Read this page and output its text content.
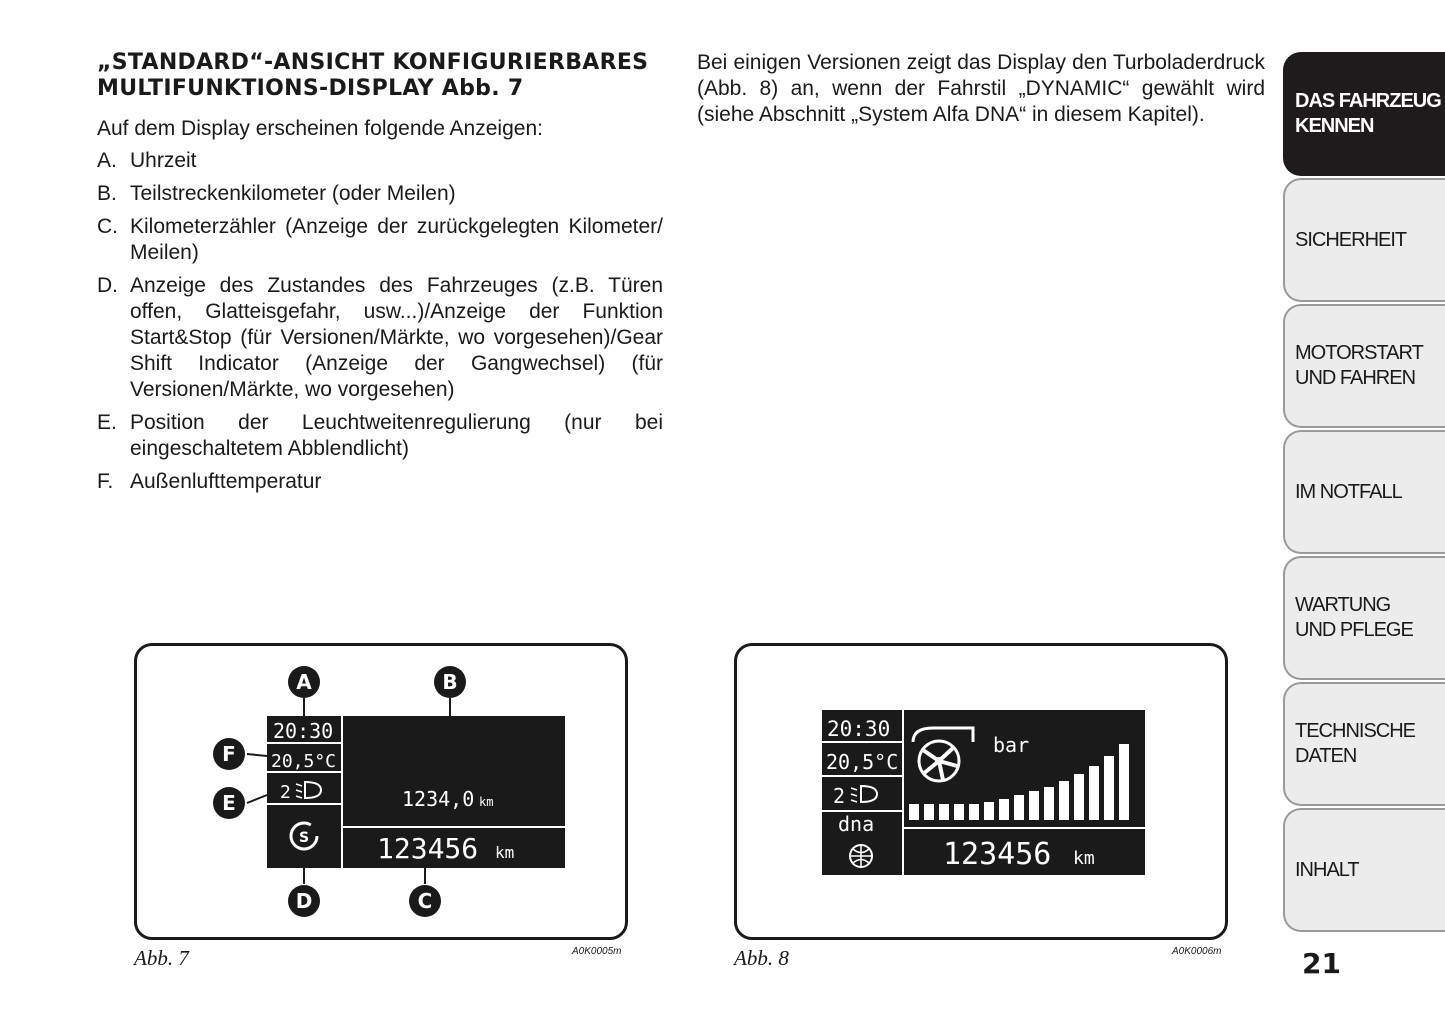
„STANDARD“-ANSICHT KONFIGURIERBARES
MULTIFUNKTIONS-DISPLAY Abb. 7

Auf dem Display erscheinen folgende Anzeigen:

A. Uhrzeit
B. Teilstreckenkilometer (oder Meilen)
C. Kilometerzähler (Anzeige der zurückgelegten Kilometer/ Meilen)
D. Anzeige des Zustandes des Fahrzeuges (z.B. Türen offen, Glatteisgefahr, usw...)/Anzeige der Funktion Start&Stop (für Versionen/Märkte, wo vorgesehen)/Gear Shift Indicator (Anzeige der Gangwechsel) (für Versionen/Märkte, wo vorgesehen)
E. Position der Leuchtweitenregulierung (nur bei eingeschaltetem Abblendlicht)
F. Außenlufttemperatur

Bei einigen Versionen zeigt das Display den Turboladerdruck (Abb. 8) an, wenn der Fahrstil „DYNAMIC“ gewählt wird (siehe Abschnitt „System Alfa DNA“ in diesem Kapitel).

20:30
20,5°C
2
S
1234,0 km
123456 km
A	B
C
D
E
F
Abb. 7	A0K0005m
20:30
20,5°C
2
dna
bar
123456 km
Abb. 8	A0K0006m
DAS FAHRZEUG
KENNEN
SICHERHEIT
MOTORSTART
UND FAHREN
IM NOTFALL
WARTUNG
UND PFLEGE
TECHNISCHE
DATEN
INHALT
21
